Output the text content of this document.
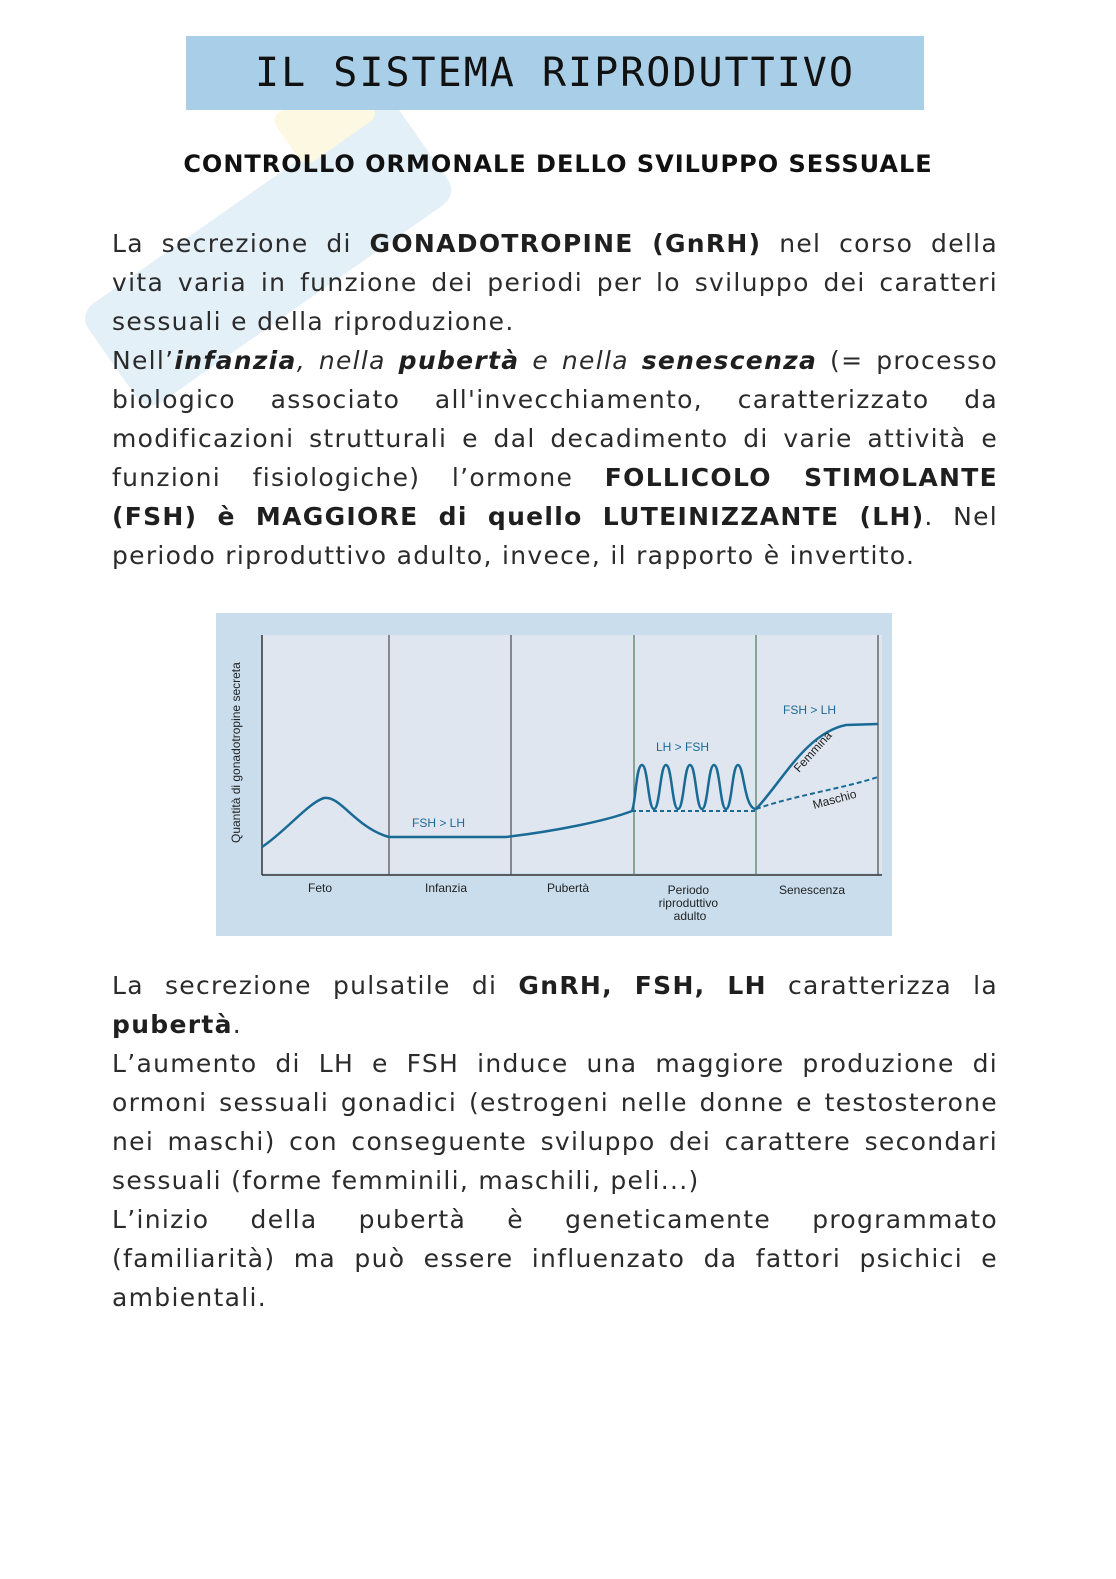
IL SISTEMA RIPRODUTTIVO
CONTROLLO ORMONALE DELLO SVILUPPO SESSUALE

La secrezione di GONADOTROPINE (GnRH) nel corso della vita varia in funzione dei periodi per lo sviluppo dei caratteri sessuali e della riproduzione.

Nell’infanzia, nella pubertà e nella senescenza (= processo biologico associato all'invecchiamento, caratterizzato da modificazioni strutturali e dal decadimento di varie attività e funzioni fisiologiche) l’ormone FOLLICOLO STIMOLANTE (FSH) è MAGGIORE di quello LUTEINIZZANTE (LH). Nel periodo riproduttivo adulto, invece, il rapporto è invertito.

Quantità di gonadotropine secreta	FSH > LH
LH > FSH
FSH > LH
Femmina
Maschio
Feto	Infanzia	Pubertà	Periodo riproduttivo adulto
Senescenza

La secrezione pulsatile di GnRH, FSH, LH caratterizza la pubertà.

L’aumento di LH e FSH induce una maggiore produzione di ormoni sessuali gonadici (estrogeni nelle donne e testosterone nei maschi) con conseguente sviluppo dei carattere secondari sessuali (forme femminili, maschili, peli...)

L’inizio della pubertà è geneticamente programmato (familiarità) ma può essere influenzato da fattori psichici e ambientali.
